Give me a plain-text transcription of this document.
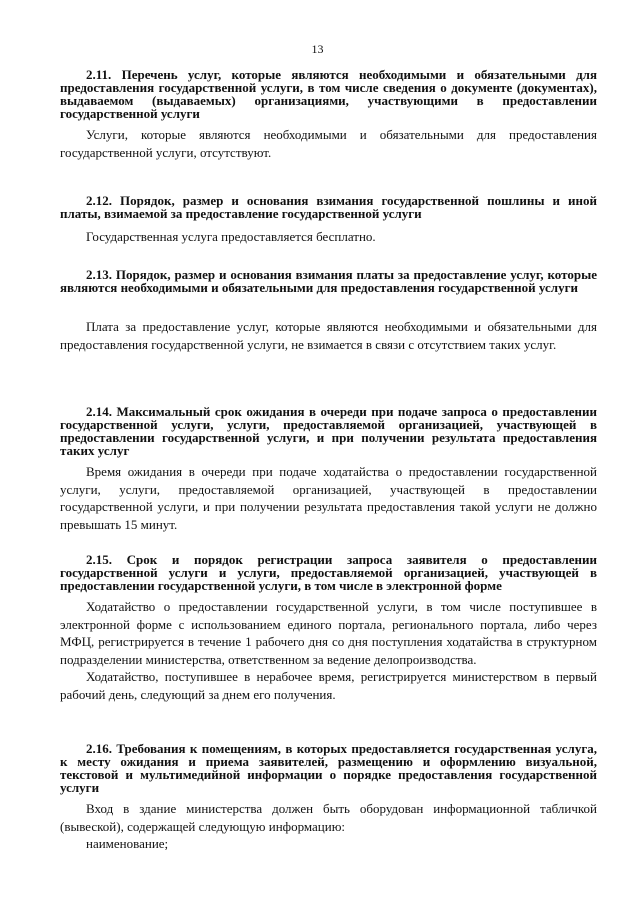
13

2.11. Перечень услуг, которые являются необходимыми и обязательными для предоставления государственной услуги, в том числе сведения о документе (документах), выдаваемом (выдаваемых) организациями, участвующими в предоставлении государственной услуги

Услуги, которые являются необходимыми и обязательными для предоставления государственной услуги, отсутствуют.

2.12. Порядок, размер и основания взимания государственной пошлины и иной платы, взимаемой за предоставление государственной услуги

Государственная услуга предоставляется бесплатно.

2.13. Порядок, размер и основания взимания платы за предоставление услуг, которые являются необходимыми и обязательными для предоставления государственной услуги

Плата за предоставление услуг, которые являются необходимыми и обязательными для предоставления государственной услуги, не взимается в связи с отсутствием таких услуг.

2.14. Максимальный срок ожидания в очереди при подаче запроса о предоставлении государственной услуги, услуги, предоставляемой организацией, участвующей в предоставлении государственной услуги, и при получении результата предоставления таких услуг

Время ожидания в очереди при подаче ходатайства о предоставлении государственной услуги, услуги, предоставляемой организацией, участвующей в предоставлении государственной услуги, и при получении результата предоставления такой услуги не должно превышать 15 минут.

2.15. Срок и порядок регистрации запроса заявителя о предоставлении государственной услуги и услуги, предоставляемой организацией, участвующей в предоставлении государственной услуги, в том числе в электронной форме

Ходатайство о предоставлении государственной услуги, в том числе поступившее в электронной форме с использованием единого портала, регионального портала, либо через МФЦ, регистрируется в течение 1 рабочего дня со дня поступления ходатайства в структурном подразделении министерства, ответственном за ведение делопроизводства.

Ходатайство, поступившее в нерабочее время, регистрируется министерством в первый рабочий день, следующий за днем его получения.

2.16. Требования к помещениям, в которых предоставляется государственная услуга, к месту ожидания и приема заявителей, размещению и оформлению визуальной, текстовой и мультимедийной информации о порядке предоставления государственной услуги

Вход в здание министерства должен быть оборудован информационной табличкой (вывеской), содержащей следующую информацию:

наименование;
